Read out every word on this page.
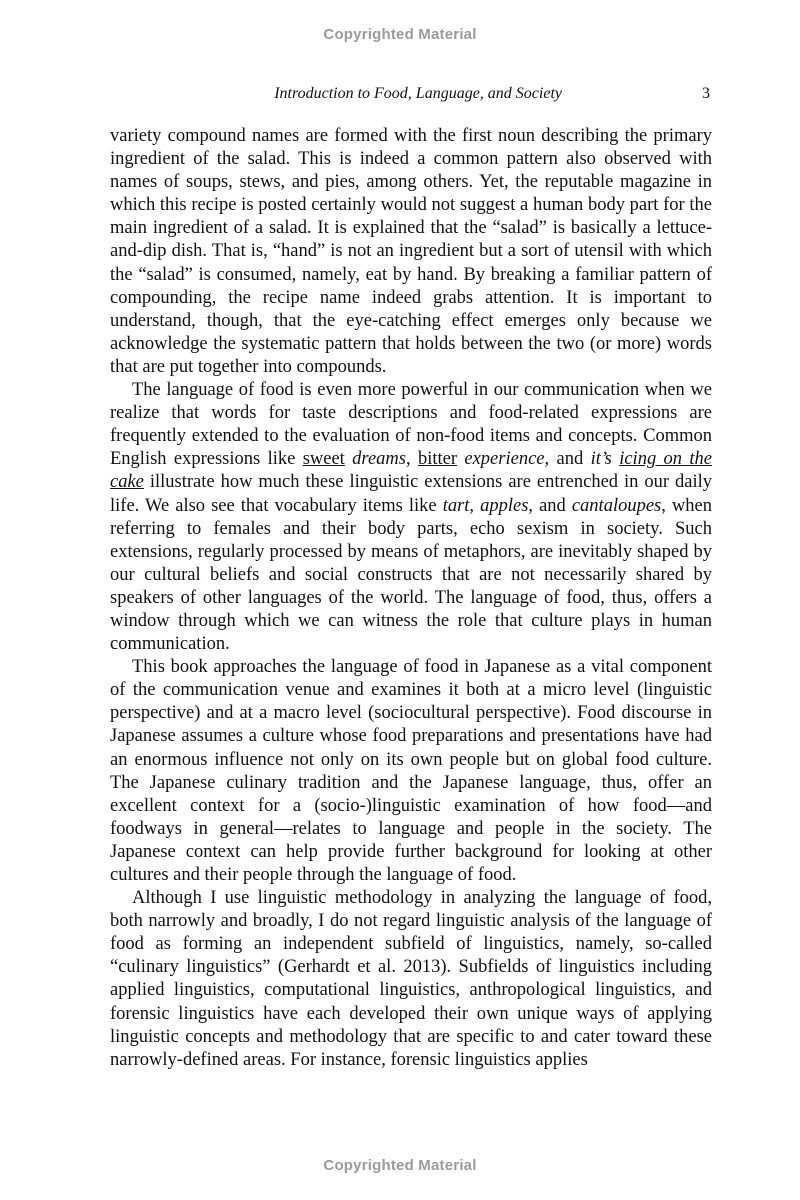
Copyrighted Material
Introduction to Food, Language, and Society	3

variety compound names are formed with the first noun describing the primary ingredient of the salad. This is indeed a common pattern also observed with names of soups, stews, and pies, among others. Yet, the reputable magazine in which this recipe is posted certainly would not suggest a human body part for the main ingredient of a salad. It is explained that the “salad” is basically a lettuce-and-dip dish. That is, “hand” is not an ingredient but a sort of utensil with which the “salad” is consumed, namely, eat by hand. By breaking a familiar pattern of compounding, the recipe name indeed grabs attention. It is important to understand, though, that the eye-catching effect emerges only because we acknowledge the systematic pattern that holds between the two (or more) words that are put together into compounds.

The language of food is even more powerful in our communication when we realize that words for taste descriptions and food-related expressions are frequently extended to the evaluation of non-food items and concepts. Common English expressions like sweet dreams, bitter experience, and it’s icing on the cake illustrate how much these linguistic extensions are entrenched in our daily life. We also see that vocabulary items like tart, apples, and cantaloupes, when referring to females and their body parts, echo sexism in society. Such extensions, regularly processed by means of metaphors, are inevitably shaped by our cultural beliefs and social constructs that are not necessarily shared by speakers of other languages of the world. The language of food, thus, offers a window through which we can witness the role that culture plays in human communication.

This book approaches the language of food in Japanese as a vital component of the communication venue and examines it both at a micro level (linguistic perspective) and at a macro level (sociocultural perspective). Food discourse in Japanese assumes a culture whose food preparations and presentations have had an enormous influence not only on its own people but on global food culture. The Japanese culinary tradition and the Japanese language, thus, offer an excellent context for a (socio-)linguistic examination of how food—and foodways in general—relates to language and people in the society. The Japanese context can help provide further background for looking at other cultures and their people through the language of food.

Although I use linguistic methodology in analyzing the language of food, both narrowly and broadly, I do not regard linguistic analysis of the language of food as forming an independent subfield of linguistics, namely, so-called “culinary linguistics” (Gerhardt et al. 2013). Subfields of linguistics including applied linguistics, computational linguistics, anthropological linguistics, and forensic linguistics have each developed their own unique ways of applying linguistic concepts and methodology that are specific to and cater toward these narrowly-defined areas. For instance, forensic linguistics applies

Copyrighted Material
